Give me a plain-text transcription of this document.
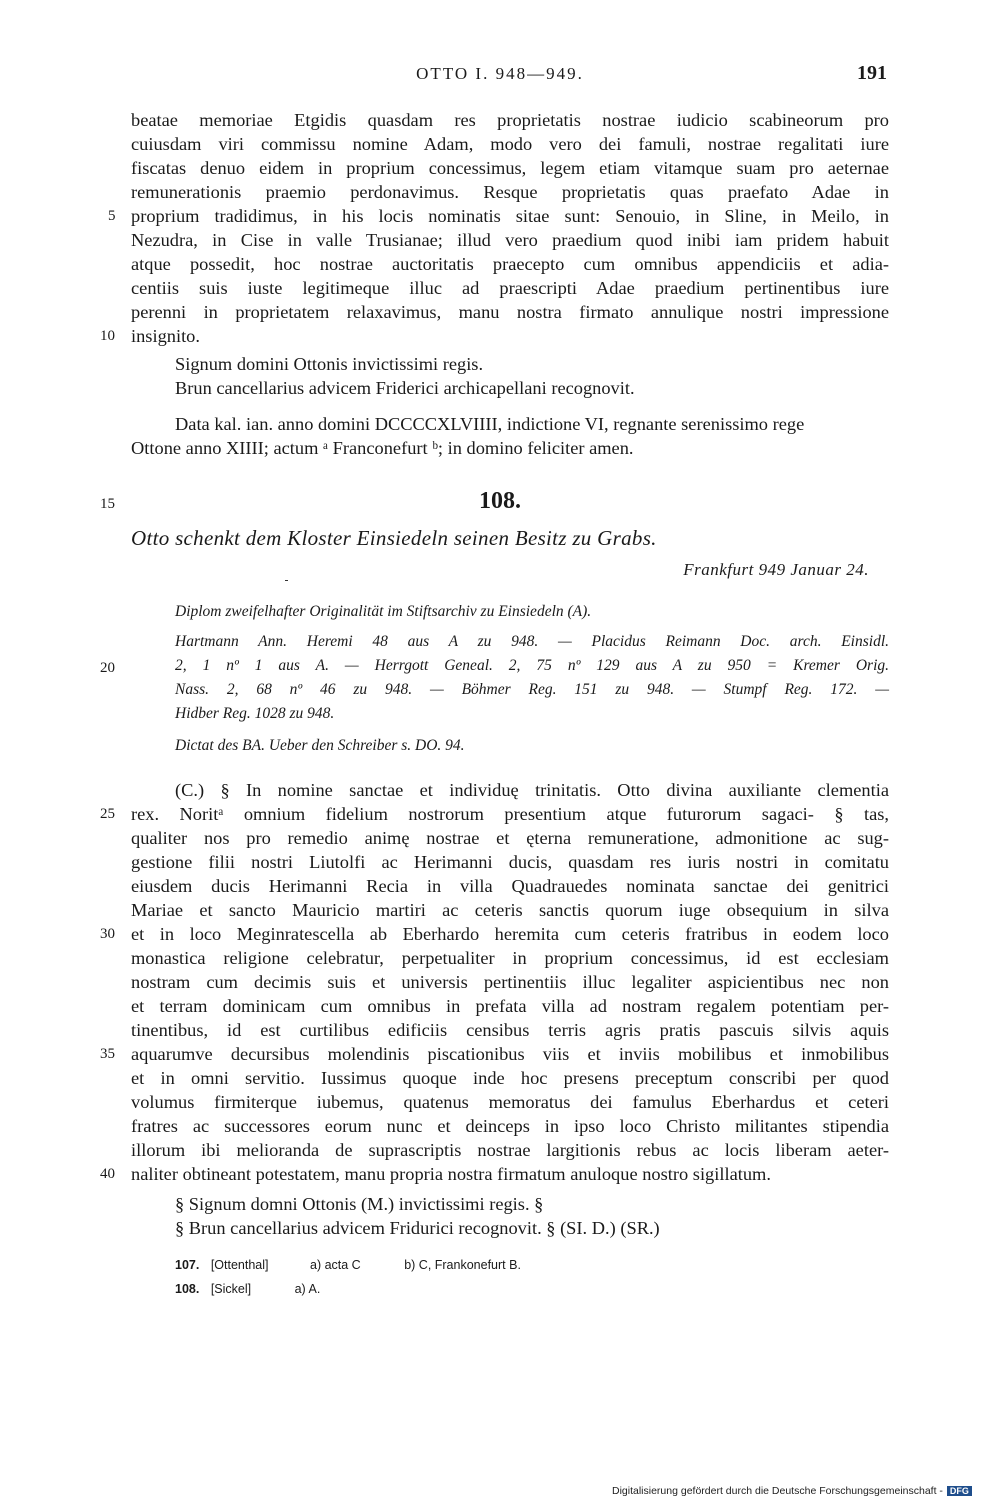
OTTO I. 948—949.	191
beatae memoriae Etgidis quasdam res proprietatis nostrae iudicio scabineorum pro
cuiusdam viri commissu nomine Adam, modo vero dei famuli, nostrae regalitati iure
fiscatas denuo eidem in proprium concessimus, legem etiam vitamque suam pro aeternae
remunerationis praemio perdonavimus. Resque proprietatis quas praefato Adae in
proprium tradidimus, in his locis nominatis sitae sunt: Senouio, in Sline, in Meilo, in
Nezudra, in Cise in valle Trusianae; illud vero praedium quod inibi iam pridem habuit
atque possedit, hoc nostrae auctoritatis praecepto cum omnibus appendiciis et adia-
centiis suis iuste legitimeque illuc ad praescripti Adae praedium pertinentibus iure
perenni in proprietatem relaxavimus, manu nostra firmato annulique nostri impressione
insignito.
Signum domini Ottonis invictissimi regis.
Brun cancellarius advicem Friderici archicapellani recognovit.
Data kal. ian. anno domini DCCCCXLVIIII, indictione VI, regnante serenissimo rege
Ottone anno XIIII; actum ᵃ Franconefurt ᵇ; in domino feliciter amen.
5
10
15
20
25
30
35
40
108.
Otto schenkt dem Kloster Einsiedeln seinen Besitz zu Grabs.
Frankfurt 949 Januar 24.
Diplom zweifelhafter Originalität im Stiftsarchiv zu Einsiedeln (A).
Hartmann Ann. Heremi 48 aus A zu 948. — Placidus Reimann Doc. arch. Einsidl.
2, 1 nº 1 aus A. — Herrgott Geneal. 2, 75 nº 129 aus A zu 950 = Kremer Orig.
Nass. 2, 68 nº 46 zu 948. — Böhmer Reg. 151 zu 948. — Stumpf Reg. 172. —
Hidber Reg. 1028 zu 948.
Dictat des BA. Ueber den Schreiber s. DO. 94.
(C.) § In nomine sanctae et individuę trinitatis. Otto divina auxiliante clementia
rex. Noritᵃ omnium fidelium nostrorum presentium atque futurorum sagaci- § tas,
qualiter nos pro remedio animę nostrae et ęterna remuneratione, admonitione ac sug-
gestione filii nostri Liutolfi ac Herimanni ducis, quasdam res iuris nostri in comitatu
eiusdem ducis Herimanni Recia in villa Quadrauedes nominata sanctae dei genitrici
Mariae et sancto Mauricio martiri ac ceteris sanctis quorum iuge obsequium in silva
et in loco Meginratescella ab Eberhardo heremita cum ceteris fratribus in eodem loco
monastica religione celebratur, perpetualiter in proprium concessimus, id est ecclesiam
nostram cum decimis suis et universis pertinentiis illuc legaliter aspicientibus nec non
et terram dominicam cum omnibus in prefata villa ad nostram regalem potentiam per-
tinentibus, id est curtilibus edificiis censibus terris agris pratis pascuis silvis aquis
aquarumve decursibus molendinis piscationibus viis et inviis mobilibus et inmobilibus
et in omni servitio. Iussimus quoque inde hoc presens preceptum conscribi per quod
volumus firmiterque iubemus, quatenus memoratus dei famulus Eberhardus et ceteri
fratres ac successores eorum nunc et deinceps in ipso loco Christo militantes stipendia
illorum ibi melioranda de suprascriptis nostrae largitionis rebus ac locis liberam aeter-
naliter obtineant potestatem, manu propria nostra firmatum anuloque nostro sigillatum.
§ Signum domni Ottonis (M.) invictissimi regis. §
§ Brun cancellarius advicem Fridurici recognovit. § (SI. D.) (SR.)
107. [Ottenthal]	a) acta C	b) C, Frankonefurt B.
108. [Sickel]	a) A.
Digitalisierung gefördert durch die Deutsche Forschungsgemeinschaft - DFG
